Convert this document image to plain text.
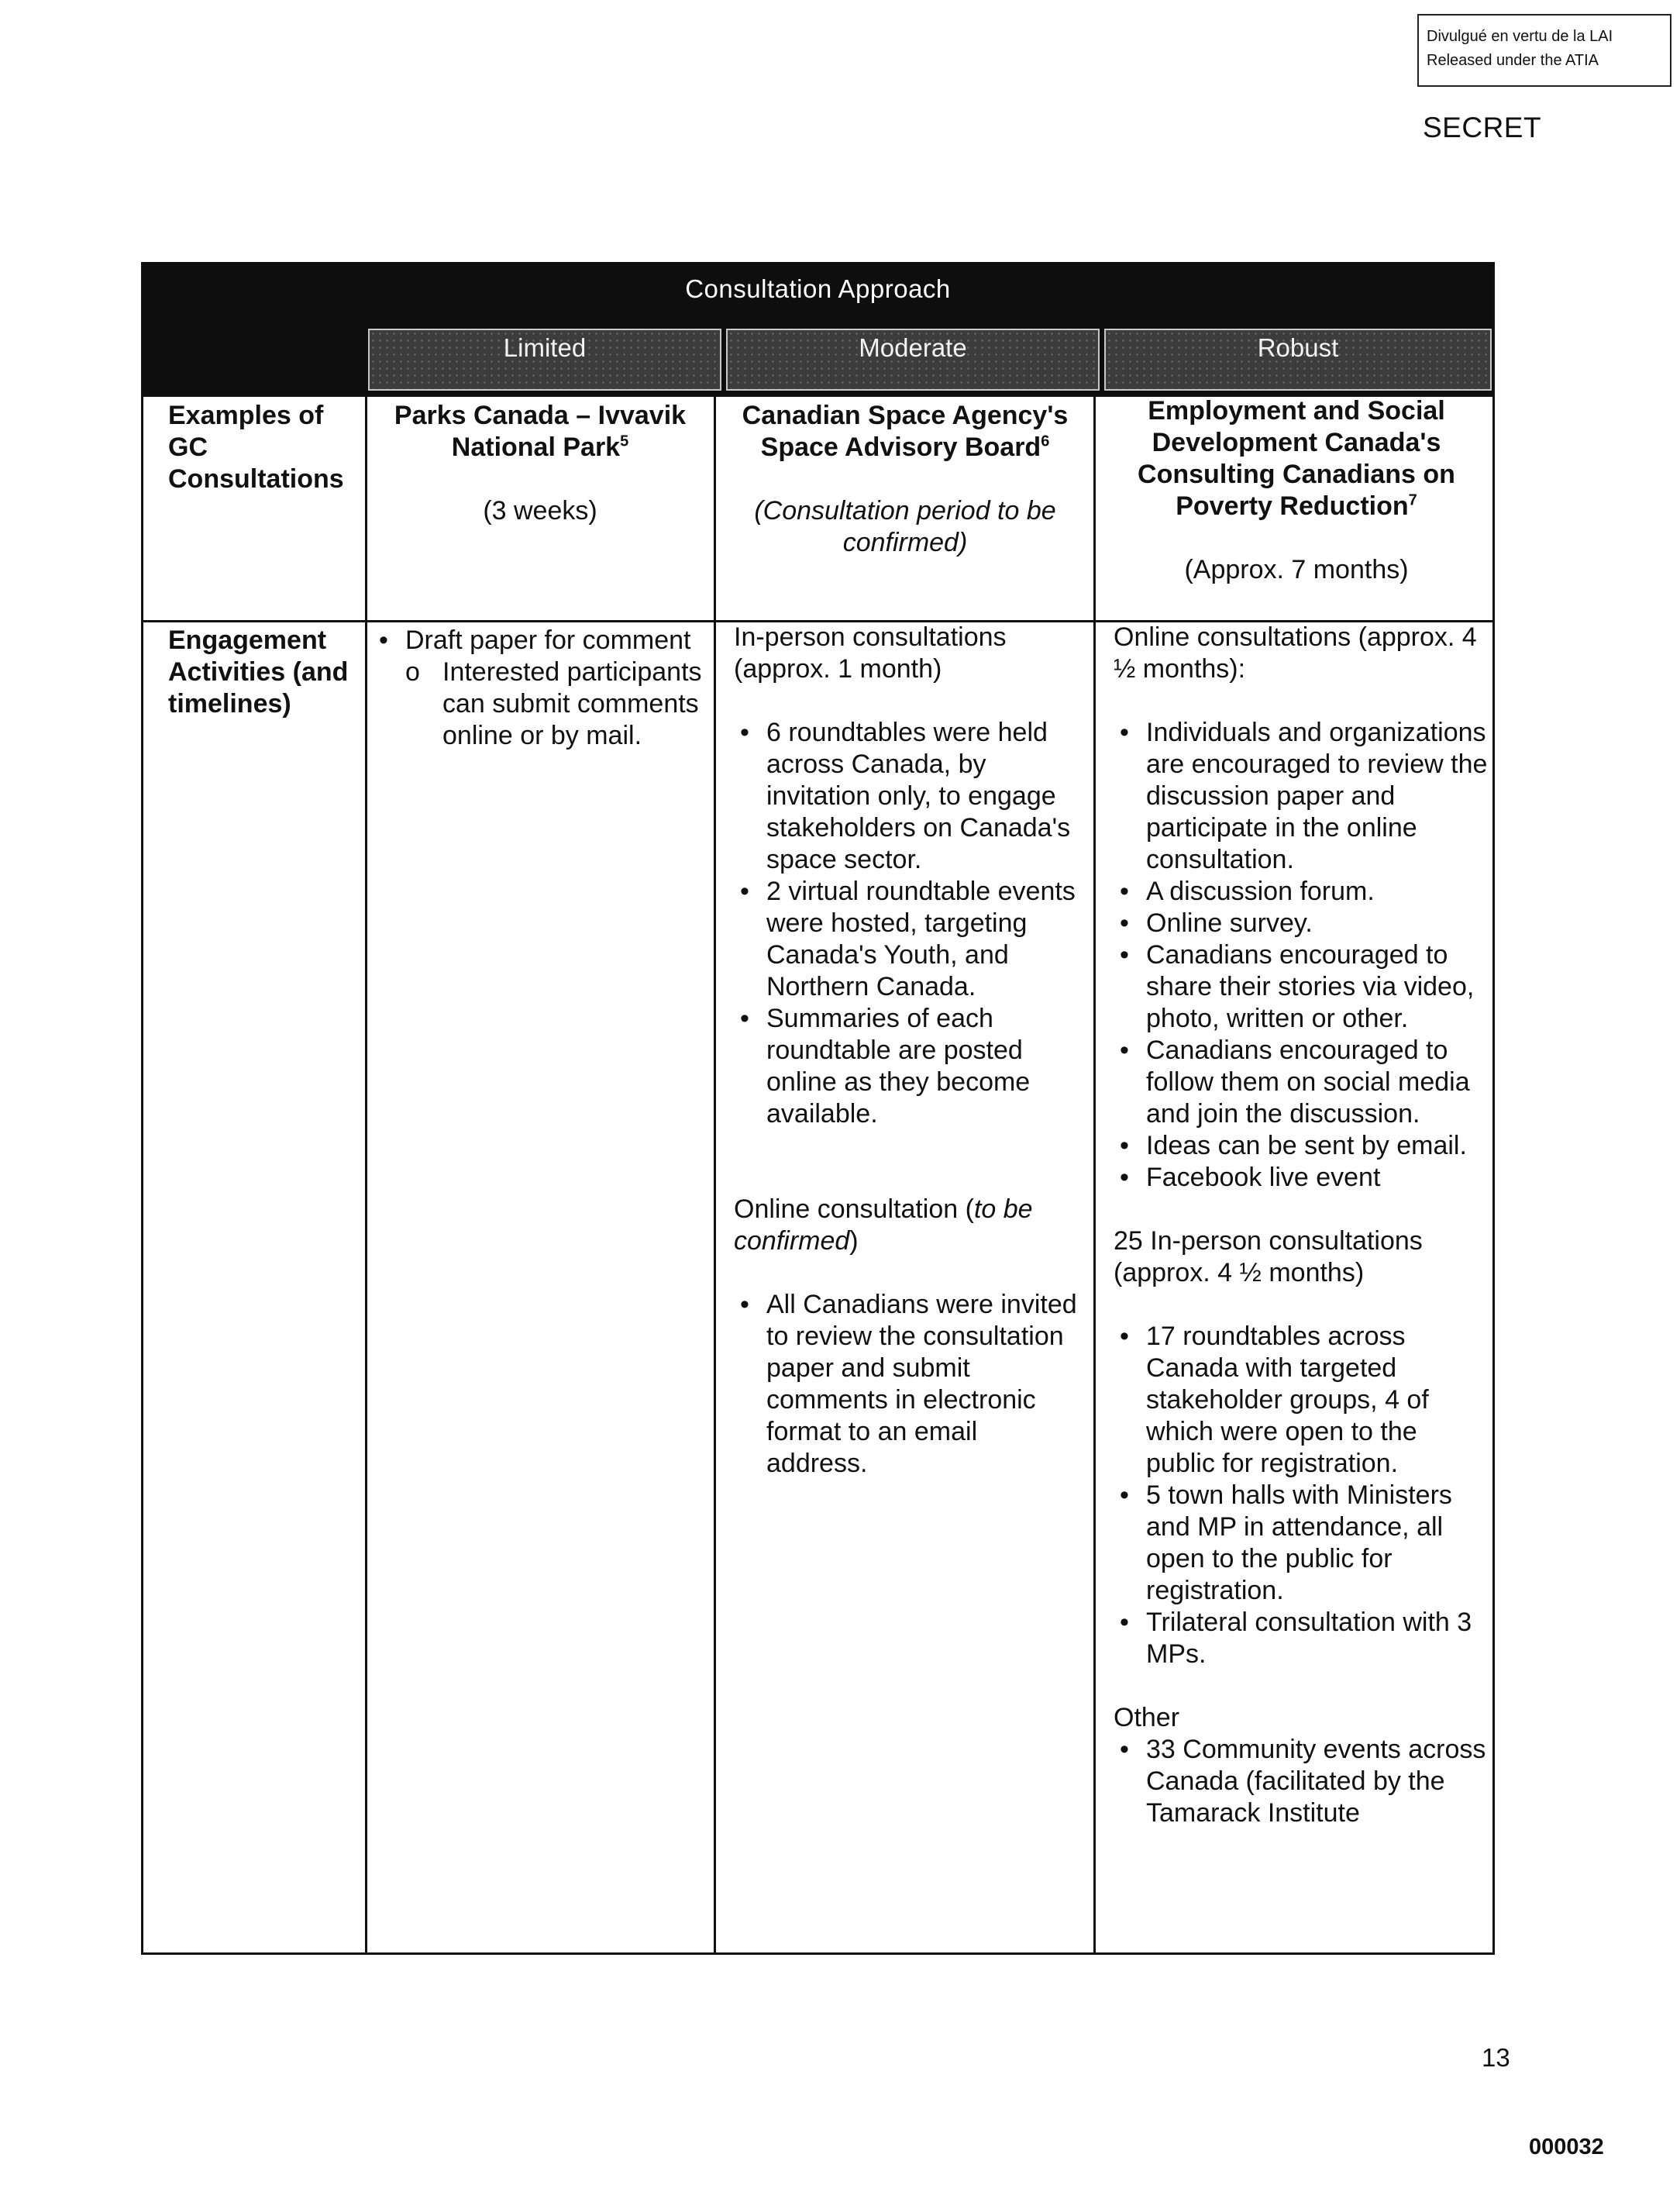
Divulgué en vertu de la LAI
Released under the ATIA
SECRET
Consultation Approach
Limited	Moderate	Robust
Examples of GC Consultations
Parks Canada – Ivvavik National Park$^5$
(3 weeks)
Canadian Space Agency's Space Advisory Board$^6$
(Consultation period to be confirmed)
Employment and Social Development Canada's Consulting Canadians on Poverty Reduction$^7$
(Approx. 7 months)
Engagement Activities (and timelines)
• Draft paper for comment
o Interested participants can submit comments online or by mail.
In-person consultations (approx. 1 month)
• 6 roundtables were held across Canada, by invitation only, to engage stakeholders on Canada's space sector.
• 2 virtual roundtable events were hosted, targeting Canada's Youth, and Northern Canada.
• Summaries of each roundtable are posted online as they become available.
Online consultation (to be confirmed)
• All Canadians were invited to review the consultation paper and submit comments in electronic format to an email address.
Online consultations (approx. 4 ½ months):
• Individuals and organizations are encouraged to review the discussion paper and participate in the online consultation.
• A discussion forum.
• Online survey.
• Canadians encouraged to share their stories via video, photo, written or other.
• Canadians encouraged to follow them on social media and join the discussion.
• Ideas can be sent by email.
• Facebook live event
25 In-person consultations (approx. 4 ½ months)
• 17 roundtables across Canada with targeted stakeholder groups, 4 of which were open to the public for registration.
• 5 town halls with Ministers and MP in attendance, all open to the public for registration.
• Trilateral consultation with 3 MPs.
Other
• 33 Community events across Canada (facilitated by the Tamarack Institute
13
000032
